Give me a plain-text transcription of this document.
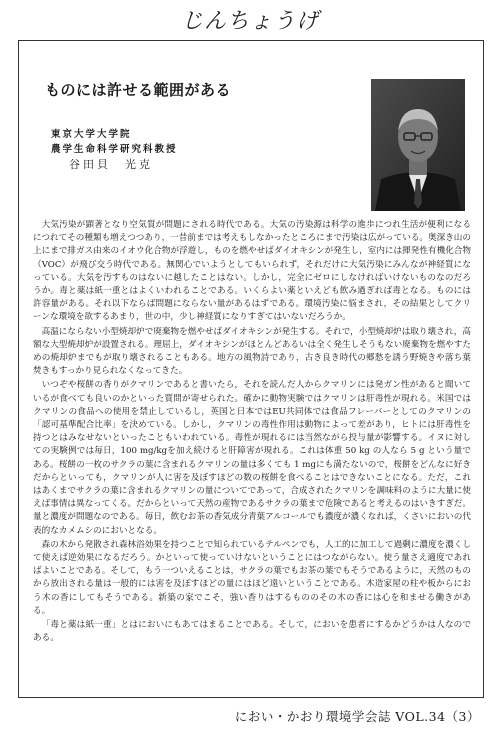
じんちょうげ
ものには許せる範囲がある
東京大学大学院
農学生命科学研究科教授
谷田貝　光克

大気汚染が顕著となり空気質が問題にされる時代である。大気の汚染源は科学の進歩につれ生活が便利になるにつれてその種類も増えつつあり，一昔前までは考えもしなかったところにまで汚染は広がっている。奥深き山の上にまで排ガス由来のイオウ化合物が浮遊し，ものを燃やせばダイオキシンが発生し，室内には揮発性有機化合物（VOC）が飛び交う時代である。無関心でいようとしてもいられず，それだけに大気汚染にみんなが神経質になっている。大気を汚すものはないに越したことはない。しかし，完全にゼロにしなければいけないものなのだろうか。毒と薬は紙一重とはよくいわれることである。いくらよい薬といえども飲み過ぎれば毒となる。ものには許容量がある。それ以下ならば問題にならない量があるはずである。環境汚染に悩まされ，その結果としてクリーンな環境を欲するあまり，世の中，少し神経質になりすぎてはいないだろうか。

高温にならない小型焼却炉で廃棄物を燃やせばダイオキシンが発生する。それで，小型焼却炉は取り壊され，高額な大型焼却炉が設置される。理屈上，ダイオキシンがほとんどあるいは全く発生しそうもない廃棄物を燃やすための焼却炉までもが取り壊されることもある。地方の風物詩であり，古き良き時代の郷愁を誘う野焼きや落ち葉焚きもすっかり見られなくなってきた。

いつぞや桜餅の香りがクマリンであると書いたら，それを読んだ人からクマリンには発ガン性があると聞いているが食べても良いのかといった質問が寄せられた。確かに動物実験ではクマリンは肝毒性が現れる。米国ではクマリンの食品への使用を禁止しているし，英国と日本ではEU共同体では食品フレーバーとしてのクマリンの「認可基準配合比率」を決めている。しかし，クマリンの毒性作用は動物によって差があり，ヒトには肝毒性を持つとはみなせないといったこともいわれている。毒性が現れるには当然ながら投与量が影響する。イヌに対しての実験例では毎日，100 mg/kgを加え続けると肝障害が現れる。これは体重 50 kg の人なら 5 g という量である。桜餅の一枚のサクラの葉に含まれるクマリンの量は多くても 1 mgにも満たないので，桜餅をどんなに好きだからといっても，クマリンが人に害を及ぼすほどの数の桜餅を食べることはできないことになる。ただ，これはあくまでサクラの葉に含まれるクマリンの量についてであって，合成されたクマリンを調味料のように大量に使えば事情は異なってくる。だからといって天然の産物であるサクラの葉まで危険であると考えるのはいきすぎだ。量と濃度が問題なのである。毎日，飲むお茶の香気成分青葉アルコールでも濃度が濃くなれば，くさいにおいの代表的なカメムシのにおいとなる。

森の木から発散され森林浴効果を持つことで知られているテルペンでも，人工的に加工して過剰に濃度を濃くして使えば逆効果になるだろう。かといって使っていけないということにはつながらない。使う量さえ適度であればよいことである。そして，もう一ついえることは，サクラの葉でもお茶の葉でもそうであるように，天然のものから放出される量は一般的には害を及ぼすほどの量にはほど遠いということである。木造家屋の柱や板からにおう木の香にしてもそうである。新築の家でこそ，強い香りはするもののその木の香には心を和ませる働きがある。

「毒と薬は紙一重」とはにおいにもあてはまることである。そして，においを患者にするかどうかは人なのである。

におい・かおり環境学会誌 VOL.34（3）
